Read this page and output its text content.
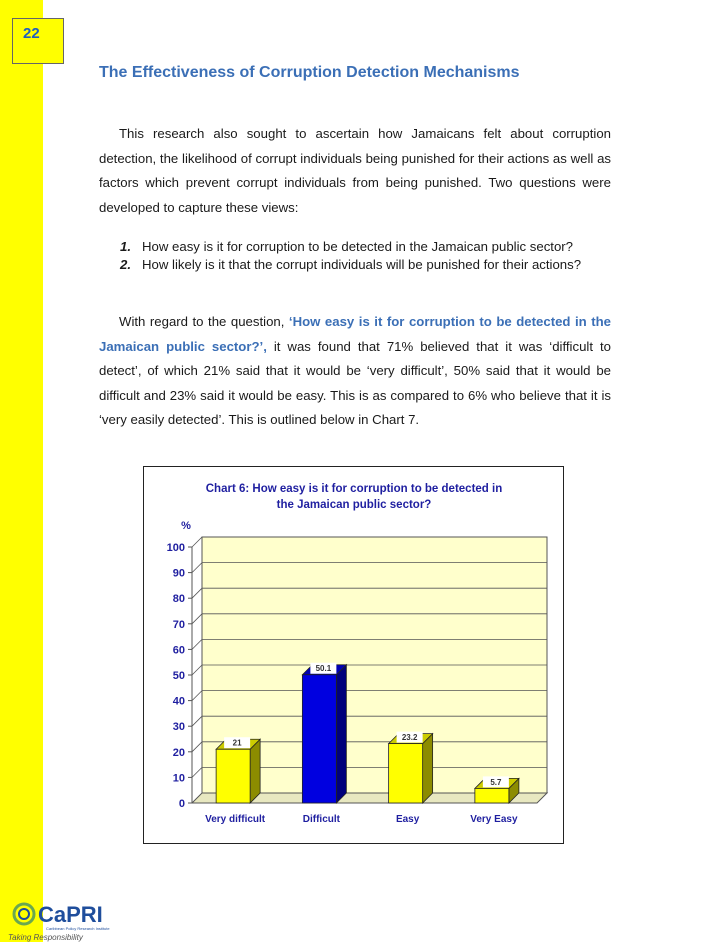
22
The Effectiveness of Corruption Detection Mechanisms

This research also sought to ascertain how Jamaicans felt about corruption detection, the likelihood of corrupt individuals being punished for their actions as well as factors which prevent corrupt individuals from being punished. Two questions were developed to capture these views:

1. How easy is it for corruption to be detected in the Jamaican public sector?
2. How likely is it that the corrupt individuals will be punished for their actions?

With regard to the question, ‘How easy is it for corruption to be detected in the Jamaican public sector?’, it was found that 71% believed that it was ‘difficult to detect’, of which 21% said that it would be ‘very difficult’, 50% said that it would be difficult and 23% said it would be easy. This is as compared to 6% who believe that it is ‘very easily detected’. This is outlined below in Chart 7.

Chart 6: How easy is it for corruption to be detected in
the Jamaican public sector?
%
0
10
20
30
40
50
60
70
80
90
100
21
Very difficult
50.1
Difficult
23.2
Easy
5.7
Very Easy
CaPRI
Caribbean Policy Research Institute
Taking Responsibility
